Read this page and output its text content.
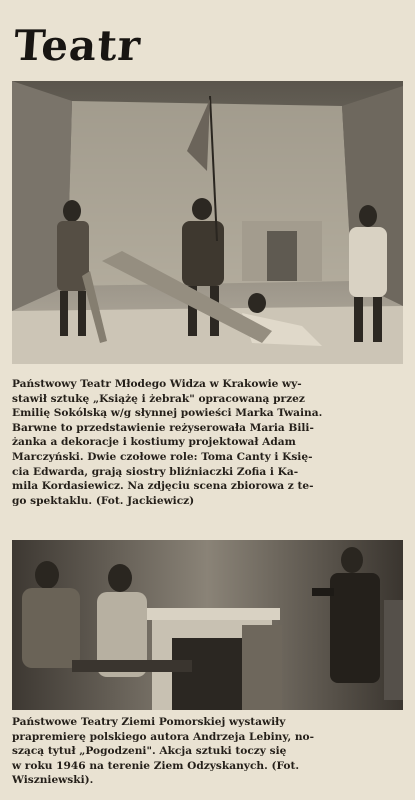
Teatr
Państwowy Teatr Młodego Widza w Krakowie wy-
stawił sztukę „Książę i żebrak" opracowaną przez
Emilię Sokólską w/g słynnej powieści Marka Twaina.
Barwne to przedstawienie reżyserowała Maria Bili-
żanka a dekoracje i kostiumy projektował Adam
Marczyński. Dwie czołowe role: Toma Canty i Księ-
cia Edwarda, grają siostry bliźniaczki Zofia i Ka-
mila Kordasiewicz. Na zdjęciu scena zbiorowa z te-
go spektaklu. (Fot. Jackiewicz)
Państwowe Teatry Ziemi Pomorskiej wystawiły
prapremierę polskiego autora Andrzeja Lebiny, no-
szącą tytuł „Pogodzeni". Akcja sztuki toczy się
w roku 1946 na terenie Ziem Odzyskanych. (Fot.
Wiszniewski).
